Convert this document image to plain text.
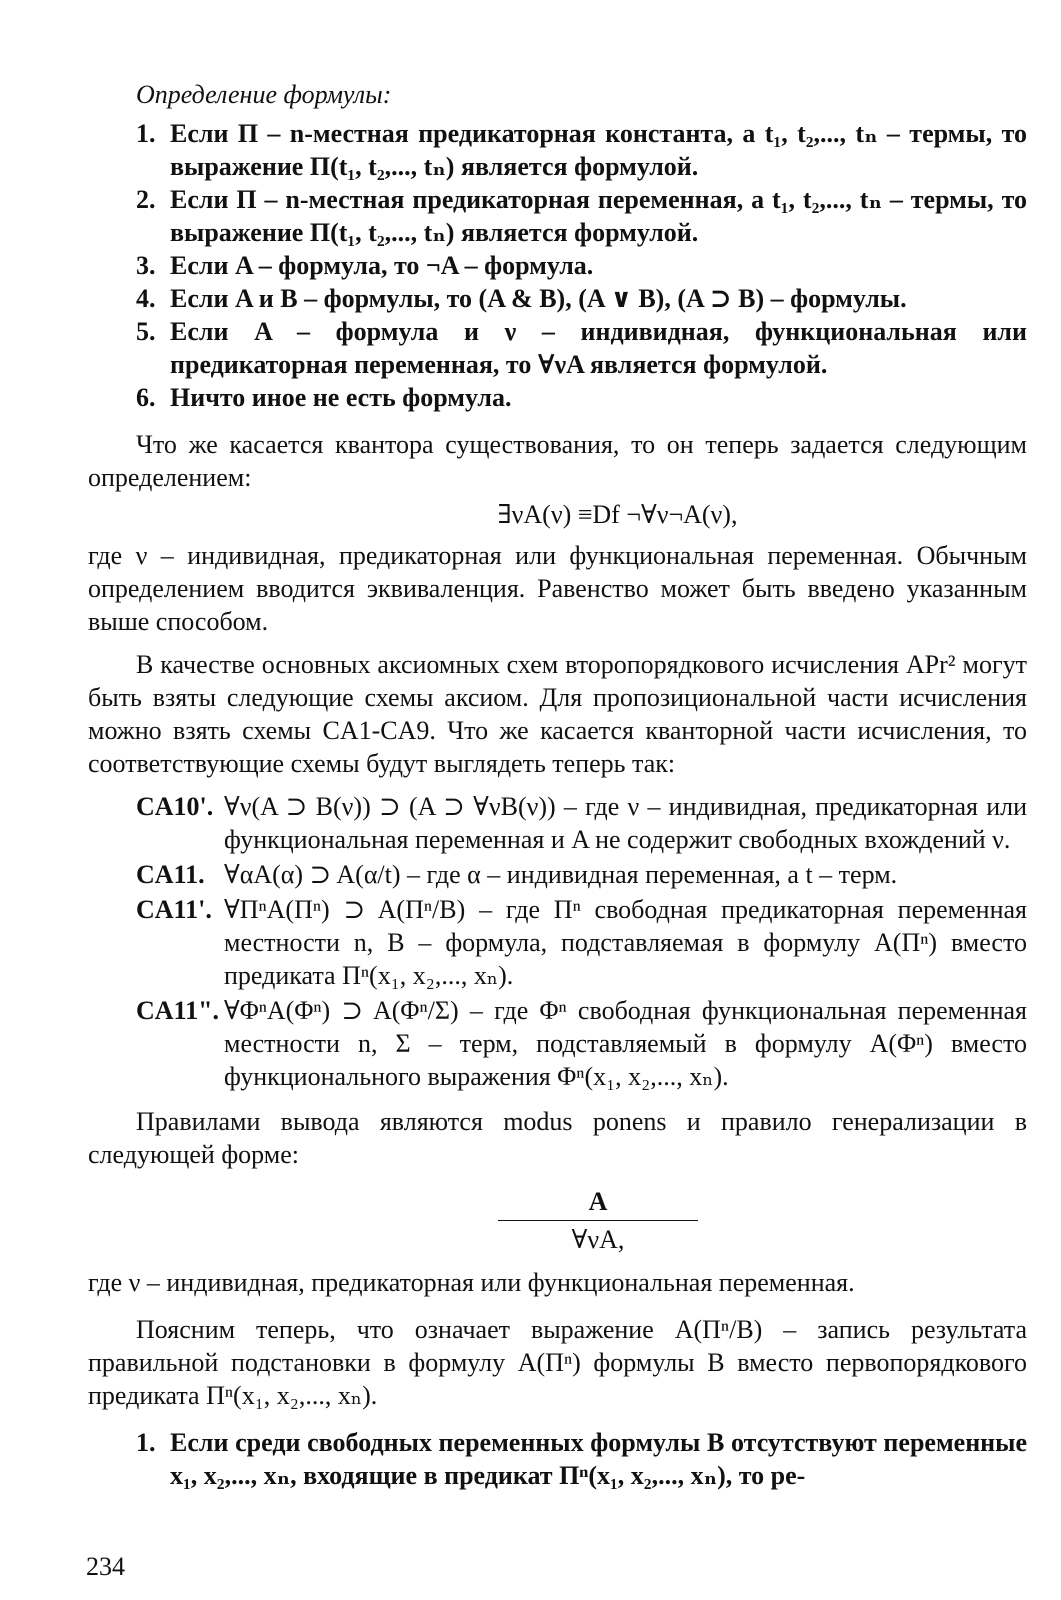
Определение формулы:
1. Если П – n-местная предикаторная константа, а t₁, t₂,..., tₙ – термы, то выражение П(t₁, t₂,..., tₙ) является формулой.
2. Если П – n-местная предикаторная переменная, а t₁, t₂,..., tₙ – термы, то выражение П(t₁, t₂,..., tₙ) является формулой.
3. Если A – формула, то ¬A – формула.
4. Если A и B – формулы, то (A & B), (A ∨ B), (A ⊃ B) – формулы.
5. Если A – формула и ν – индивидная, функциональная или предикаторная переменная, то ∀νA является формулой.
6. Ничто иное не есть формула.

Что же касается квантора существования, то он теперь задается следующим определением:

∃νA(ν) ≡Df ¬∀ν¬A(ν),

где ν – индивидная, предикаторная или функциональная переменная. Обычным определением вводится эквиваленция. Равенство может быть введено указанным выше способом.

В качестве основных аксиомных схем второпорядкового исчисления APr² могут быть взяты следующие схемы аксиом. Для пропозициональной части исчисления можно взять схемы CA1-CA9. Что же касается кванторной части исчисления, то соответствующие схемы будут выглядеть теперь так:

CA10'. ∀ν(A ⊃ B(ν)) ⊃ (A ⊃ ∀νB(ν)) – где ν – индивидная, предикаторная или функциональная переменная и A не содержит свободных вхождений ν.
CA11. ∀αA(α) ⊃ A(α/t) – где α – индивидная переменная, а t – терм.
CA11'. ∀ПⁿA(Пⁿ) ⊃ A(Пⁿ/B) – где Пⁿ свободная предикаторная переменная местности n, B – формула, подставляемая в формулу A(Пⁿ) вместо предиката Пⁿ(x₁, x₂,..., xₙ).
CA11". ∀ΦⁿA(Φⁿ) ⊃ A(Φⁿ/Σ) – где Φⁿ свободная функциональная переменная местности n, Σ – терм, подставляемый в формулу A(Φⁿ) вместо функционального выражения Φⁿ(x₁, x₂,..., xₙ).

Правилами вывода являются modus ponens и правило генерализации в следующей форме:

A
∀νA,

где ν – индивидная, предикаторная или функциональная переменная.

Поясним теперь, что означает выражение A(Пⁿ/B) – запись результата правильной подстановки в формулу A(Пⁿ) формулы B вместо первопорядкового предиката Пⁿ(x₁, x₂,..., xₙ).

1. Если среди свободных переменных формулы B отсутствуют переменные x₁, x₂,..., xₙ, входящие в предикат Пⁿ(x₁, x₂,..., xₙ), то ре-
234
